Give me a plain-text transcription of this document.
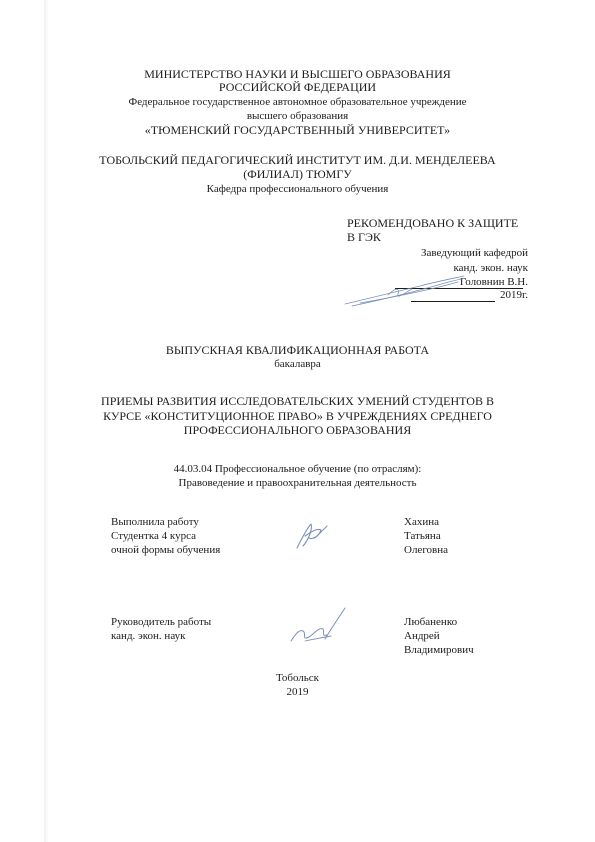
МИНИСТЕРСТВО НАУКИ И ВЫСШЕГО ОБРАЗОВАНИЯ
РОССИЙСКОЙ ФЕДЕРАЦИИ
Федеральное государственное автономное образовательное учреждение
высшего образования
«ТЮМЕНСКИЙ ГОСУДАРСТВЕННЫЙ УНИВЕРСИТЕТ»
ТОБОЛЬСКИЙ ПЕДАГОГИЧЕСКИЙ ИНСТИТУТ ИМ. Д.И. МЕНДЕЛЕЕВА
(ФИЛИАЛ) ТЮМГУ
Кафедра профессионального обучения
РЕКОМЕНДОВАНО К ЗАЩИТЕ
В ГЭК
Заведующий кафедрой
канд. экон. наук
Головнин В.Н.
2019г.
ВЫПУСКНАЯ КВАЛИФИКАЦИОННАЯ РАБОТА
бакалавра
ПРИЕМЫ РАЗВИТИЯ ИССЛЕДОВАТЕЛЬСКИХ УМЕНИЙ СТУДЕНТОВ В
КУРСЕ «КОНСТИТУЦИОННОЕ ПРАВО» В УЧРЕЖДЕНИЯХ СРЕДНЕГО
ПРОФЕССИОНАЛЬНОГО ОБРАЗОВАНИЯ
44.03.04 Профессиональное обучение (по отраслям):
Правоведение и правоохранительная деятельность
Выполнила работу
Студентка 4 курса
очной формы обучения
Хахина
Татьяна
Олеговна
Руководитель работы
канд. экон. наук
Любаненко
Андрей
Владимирович
Тобольск
2019
